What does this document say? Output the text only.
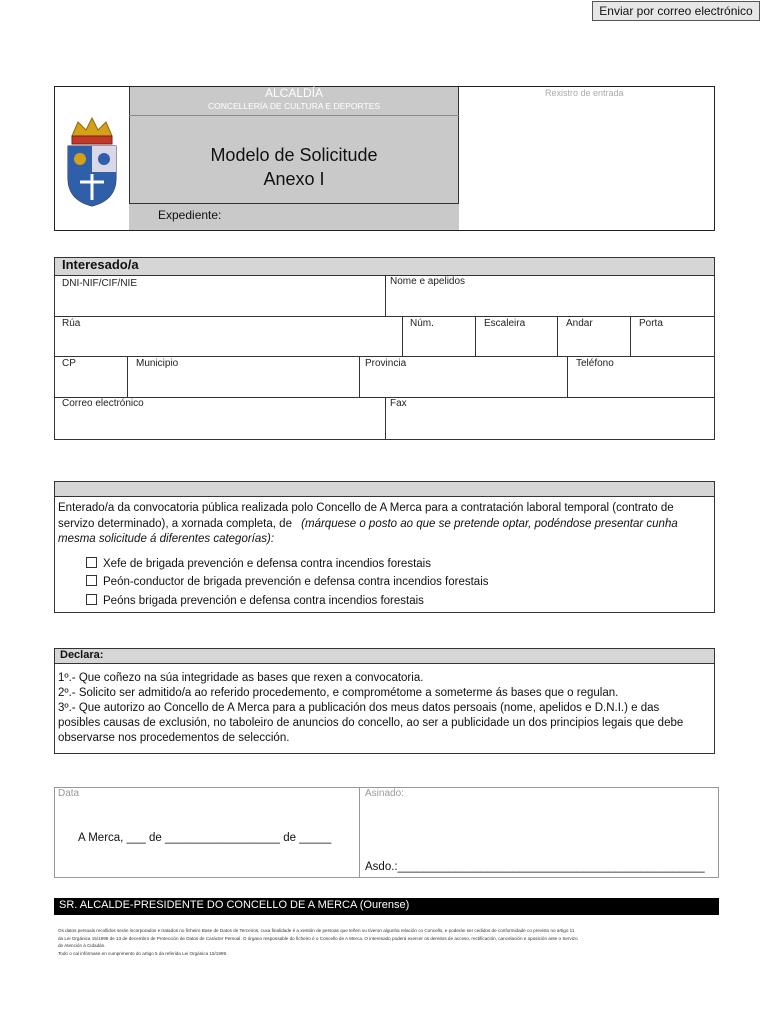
Enviar por correo electrónico
ALCALDÍA
CONCELLERÍA DE CULTURA E DEPORTES
Modelo de Solicitude
Anexo I
Expediente:
Rexistro de entrada
Interesado/a
DNI-NIF/CIF/NIE	Nome e apelidos
Rúa	Núm.	Escaleira	Andar	Porta
CP	Municipio	Provincia	Teléfono
Correo electrónico	Fax
Enterado/a da convocatoria pública realizada polo Concello de A Merca para a contratación laboral temporal (contrato de
servizo determinado), a xornada completa, de (márquese o posto ao que se pretende optar, podéndose presentar cunha
mesma solicitude á diferentes categorías):
Xefe de brigada prevención e defensa contra incendios forestais
Peón-conductor de brigada prevención e defensa contra incendios forestais
Peóns brigada prevención e defensa contra incendios forestais
Declara:
1º.- Que coñezo na súa integridade as bases que rexen a convocatoria.
2º.- Solicito ser admitido/a ao referido procedemento, e comprométome a someterme ás bases que o regulan.
3º.- Que autorizo ao Concello de A Merca para a publicación dos meus datos persoais (nome, apelidos e D.N.I.) e das
posibles causas de exclusión, no taboleiro de anuncios do concello, ao ser a publicidade un dos principios legais que debe
observarse nos procedementos de selección.
Data	Asinado:
A Merca, ___ de __________________ de _____
Asdo.:________________________________________________
SR. ALCALDE-PRESIDENTE DO CONCELLO DE A MERCA (Ourense)
Os datos persoais recollidos serán incorporados e tratados no ficheiro Base de Datos de Terceiros, cuxa finalidade é a xestión de persoas que teñen ou tiveron algunha relación co Concello, e poderán ser cedidos de conformidade co previsto no artigo 11
da Lei Orgánica 15/1999 de 13 de decembro de Protección de Datos de Carácter Persoal. O órgano responsable do ficheiro é o Concello de A Merca. O interesado poderá exercer os dereitos de acceso, rectificación, cancelación e oposición ante o Servizo
de Atención á Cidadán.
Todo o cal infórmase en cumprimento do artigo 5 da referida Lei Orgánica 15/1999.
